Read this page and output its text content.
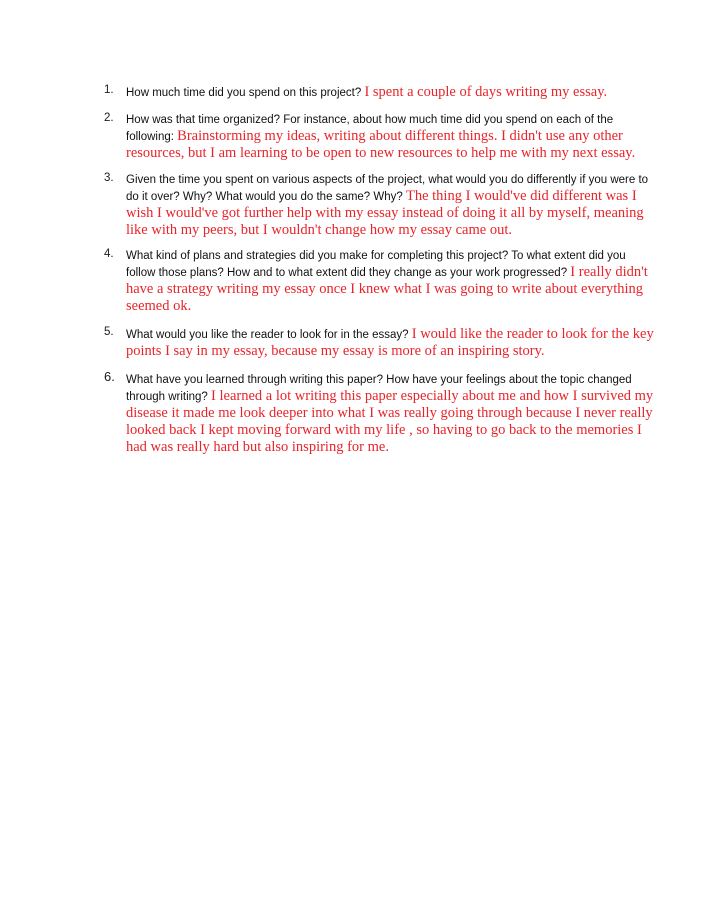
1. How much time did you spend on this project? I spent a couple of days writing my essay.
2. How was that time organized? For instance, about how much time did you spend on each of the following: Brainstorming my ideas, writing about different things. I didn't use any other resources, but I am learning to be open to new resources to help me with my next essay.
3. Given the time you spent on various aspects of the project, what would you do differently if you were to do it over? Why? What would you do the same? Why? The thing I would've did different was I wish I would've got further help with my essay instead of doing it all by myself, meaning like with my peers, but I wouldn't change how my essay came out.
4. What kind of plans and strategies did you make for completing this project? To what extent did you follow those plans? How and to what extent did they change as your work progressed? I really didn't have a strategy writing my essay once I knew what I was going to write about everything seemed ok.
5. What would you like the reader to look for in the essay? I would like the reader to look for the key points I say in my essay, because my essay is more of an inspiring story.
6. What have you learned through writing this paper? How have your feelings about the topic changed through writing? I learned a lot writing this paper especially about me and how I survived my disease it made me look deeper into what I was really going through because I never really looked back I kept moving forward with my life , so having to go back to the memories I had was really hard but also inspiring for me.
